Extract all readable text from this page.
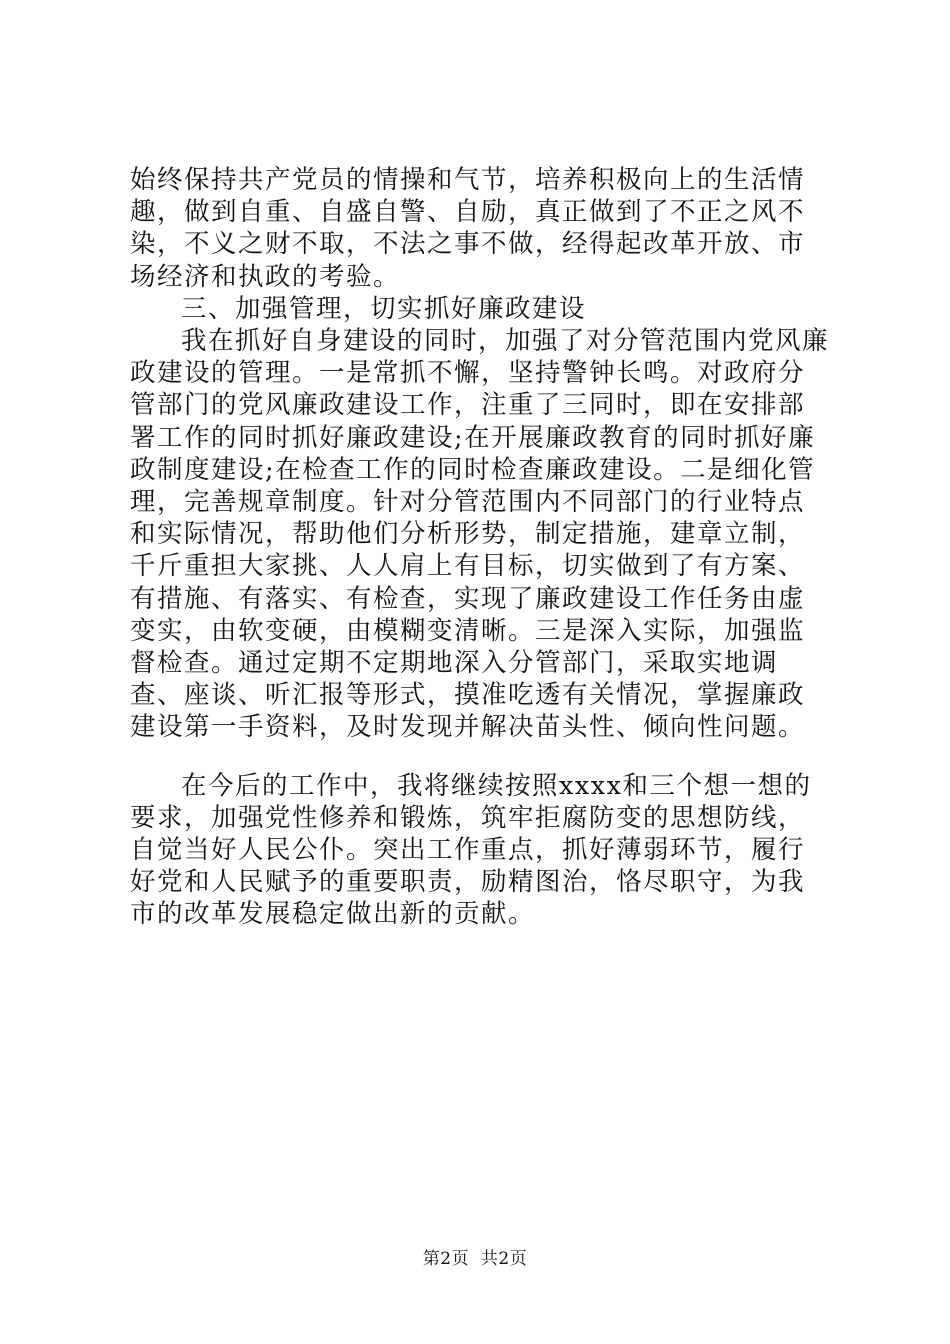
始终保持共产党员的情操和气节，培养积极向上的生活情趣，做到自重、自盛自警、自励，真正做到了不正之风不染，不义之财不取，不法之事不做，经得起改革开放、市场经济和执政的考验。

三、加强管理，切实抓好廉政建设

我在抓好自身建设的同时，加强了对分管范围内党风廉政建设的管理。一是常抓不懈，坚持警钟长鸣。对政府分管部门的党风廉政建设工作，注重了三同时，即在安排部署工作的同时抓好廉政建设;在开展廉政教育的同时抓好廉政制度建设;在检查工作的同时检查廉政建设。二是细化管理，完善规章制度。针对分管范围内不同部门的行业特点和实际情况，帮助他们分析形势，制定措施，建章立制，千斤重担大家挑、人人肩上有目标，切实做到了有方案、有措施、有落实、有检查，实现了廉政建设工作任务由虚变实，由软变硬，由模糊变清晰。三是深入实际，加强监督检查。通过定期不定期地深入分管部门，采取实地调查、座谈、听汇报等形式，摸准吃透有关情况，掌握廉政建设第一手资料，及时发现并解决苗头性、倾向性问题。

在今后的工作中，我将继续按照xxxx和三个想一想的要求，加强党性修养和锻炼，筑牢拒腐防变的思想防线，自觉当好人民公仆。突出工作重点，抓好薄弱环节，履行好党和人民赋予的重要职责，励精图治，恪尽职守，为我市的改革发展稳定做出新的贡献。

第2页  共2页
